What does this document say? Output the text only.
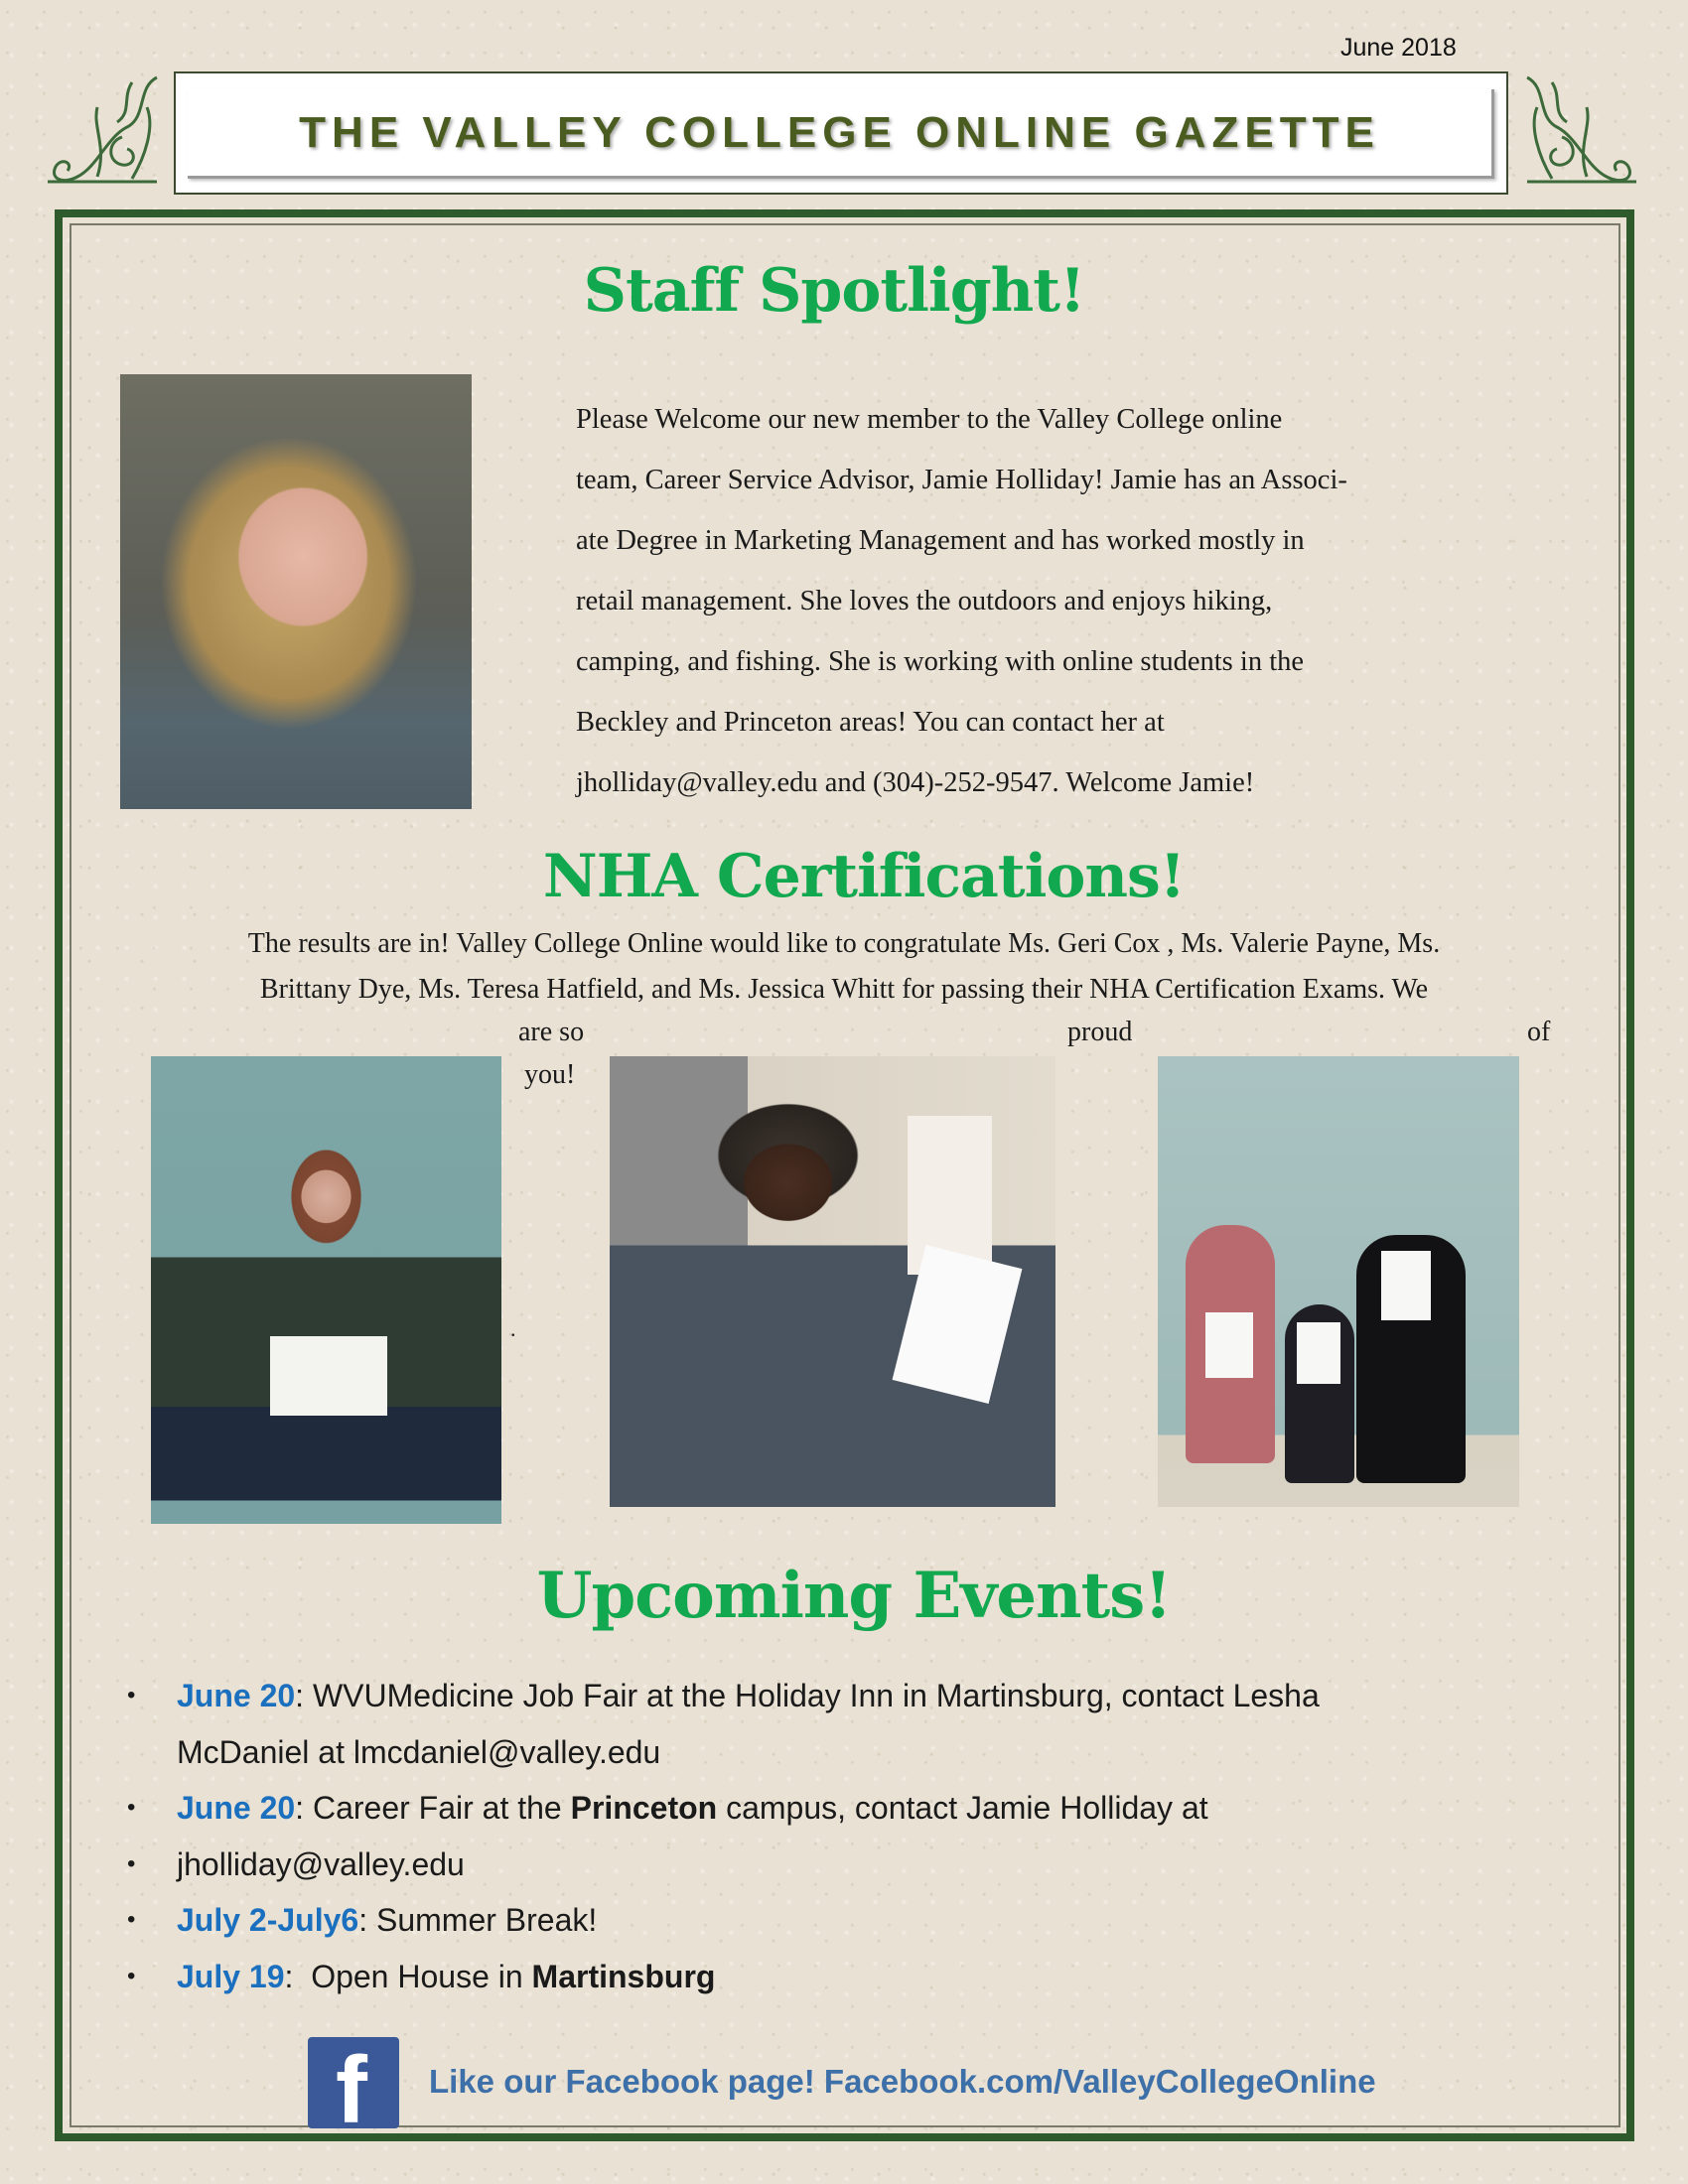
June 2018
THE VALLEY COLLEGE ONLINE GAZETTE
Staff Spotlight!
Please Welcome our new member to the Valley College online
team, Career Service Advisor, Jamie Holliday! Jamie has an Associ-
ate Degree in Marketing Management and has worked mostly in
retail management. She loves the outdoors and enjoys hiking,
camping, and fishing. She is working with online students in the
Beckley and Princeton areas! You can contact her at
jholliday@valley.edu and (304)-252-9547. Welcome Jamie!
NHA Certifications!
The results are in! Valley College Online would like to congratulate Ms. Geri Cox , Ms. Valerie Payne, Ms.
Brittany Dye, Ms. Teresa Hatfield, and Ms. Jessica Whitt for passing their NHA Certification Exams. We
are so	proud	of
you!
.
Upcoming Events!
• June 20: WVUMedicine Job Fair at the Holiday Inn in Martinsburg, contact Lesha
McDaniel at lmcdaniel@valley.edu
• June 20: Career Fair at the Princeton campus, contact Jamie Holliday at
• jholliday@valley.edu
• July 2-July6: Summer Break!
• July 19:  Open House in Martinsburg
f Like our Facebook page! Facebook.com/ValleyCollegeOnline
